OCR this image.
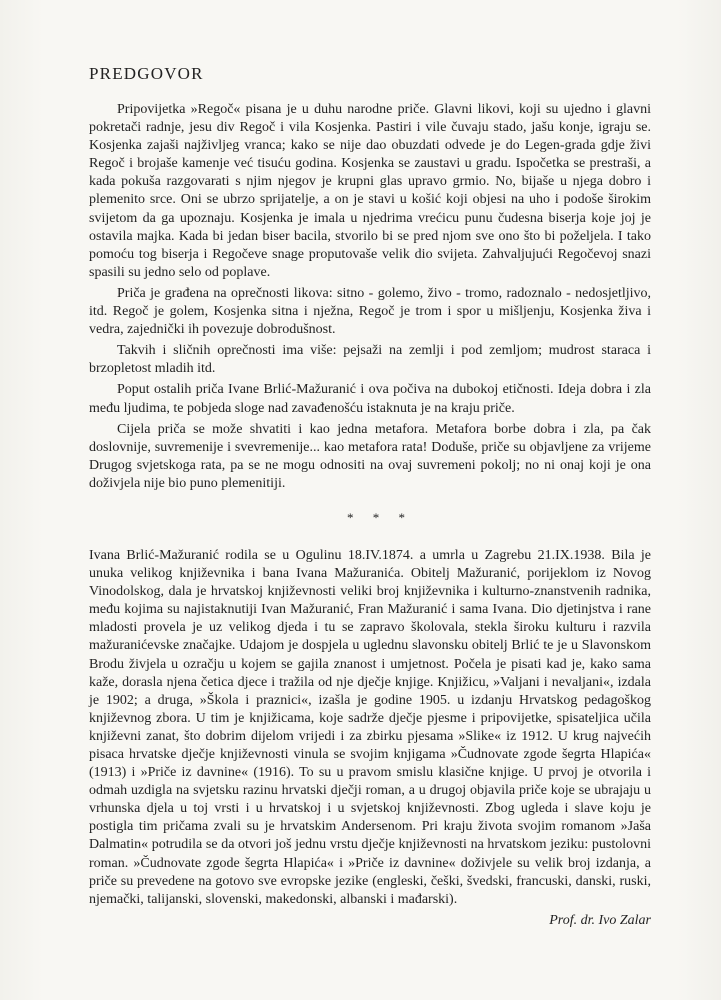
PREDGOVOR

Pripovijetka »Regoč« pisana je u duhu narodne priče. Glavni likovi, koji su ujedno i glavni pokretači radnje, jesu div Regoč i vila Kosjenka. Pastiri i vile čuvaju stado, jašu konje, igraju se. Kosjenka zajaši najživljeg vranca; kako se nije dao obuzdati odvede je do Legen-grada gdje živi Regoč i brojaše kamenje već tisuću godina. Kosjenka se zaustavi u gradu. Ispočetka se prestraši, a kada pokuša razgovarati s njim njegov je krupni glas upravo grmio. No, bijaše u njega dobro i plemenito srce. Oni se ubrzo sprijatelje, a on je stavi u košić koji objesi na uho i podoše širokim svijetom da ga upoznaju. Kosjenka je imala u njedrima vrećicu punu čudesna biserja koje joj je ostavila majka. Kada bi jedan biser bacila, stvorilo bi se pred njom sve ono što bi poželjela. I tako pomoću tog biserja i Regočeve snage proputovaše velik dio svijeta. Zahvaljujući Regočevoj snazi spasili su jedno selo od poplave.

Priča je građena na oprečnosti likova: sitno - golemo, živo - tromo, radoznalo - nedosjetljivo, itd. Regoč je golem, Kosjenka sitna i nježna, Regoč je trom i spor u mišljenju, Kosjenka živa i vedra, zajednički ih povezuje dobrodušnost.

Takvih i sličnih oprečnosti ima više: pejsaži na zemlji i pod zemljom; mudrost staraca i brzopletost mladih itd.

Poput ostalih priča Ivane Brlić-Mažuranić i ova počiva na dubokoj etičnosti. Ideja dobra i zla među ljudima, te pobjeda sloge nad zavađenošću istaknuta je na kraju priče.

Cijela priča se može shvatiti i kao jedna metafora. Metafora borbe dobra i zla, pa čak doslovnije, suvremenije i svevremenije... kao metafora rata! Doduše, priče su objavljene za vrijeme Drugog svjetskoga rata, pa se ne mogu odnositi na ovaj suvremeni pokolj; no ni onaj koji je ona doživjela nije bio puno plemenitiji.

* * *

Ivana Brlić-Mažuranić rodila se u Ogulinu 18.IV.1874. a umrla u Zagrebu 21.IX.1938. Bila je unuka velikog književnika i bana Ivana Mažuranića. Obitelj Mažuranić, porijeklom iz Novog Vinodolskog, dala je hrvatskoj književnosti veliki broj književnika i kulturno-znanstvenih radnika, među kojima su najistaknutiji Ivan Mažuranić, Fran Mažuranić i sama Ivana. Dio djetinjstva i rane mladosti provela je uz velikog djeda i tu se zapravo školovala, stekla široku kulturu i razvila mažuranićevske značajke. Udajom je dospjela u uglednu slavonsku obitelj Brlić te je u Slavonskom Brodu živjela u ozračju u kojem se gajila znanost i umjetnost. Počela je pisati kad je, kako sama kaže, dorasla njena četica djece i tražila od nje dječje knjige. Knjižicu, »Valjani i nevaljani«, izdala je 1902; a druga, »Škola i praznici«, izašla je godine 1905. u izdanju Hrvatskog pedagoškog književnog zbora. U tim je knjižicama, koje sadrže dječje pjesme i pripovijetke, spisateljica učila književni zanat, što dobrim dijelom vrijedi i za zbirku pjesama »Slike« iz 1912. U krug najvećih pisaca hrvatske dječje književnosti vinula se svojim knjigama »Čudnovate zgode šegrta Hlapića« (1913) i »Priče iz davnine« (1916). To su u pravom smislu klasične knjige. U prvoj je otvorila i odmah uzdigla na svjetsku razinu hrvatski dječji roman, a u drugoj objavila priče koje se ubrajaju u vrhunska djela u toj vrsti i u hrvatskoj i u svjetskoj književnosti. Zbog ugleda i slave koju je postigla tim pričama zvali su je hrvatskim Andersenom. Pri kraju života svojim romanom »Jaša Dalmatin« potrudila se da otvori još jednu vrstu dječje književnosti na hrvatskom jeziku: pustolovni roman. »Čudnovate zgode šegrta Hlapića« i »Priče iz davnine« doživjele su velik broj izdanja, a priče su prevedene na gotovo sve evropske jezike (engleski, češki, švedski, francuski, danski, ruski, njemački, talijanski, slovenski, makedonski, albanski i mađarski).

Prof. dr. Ivo Zalar
